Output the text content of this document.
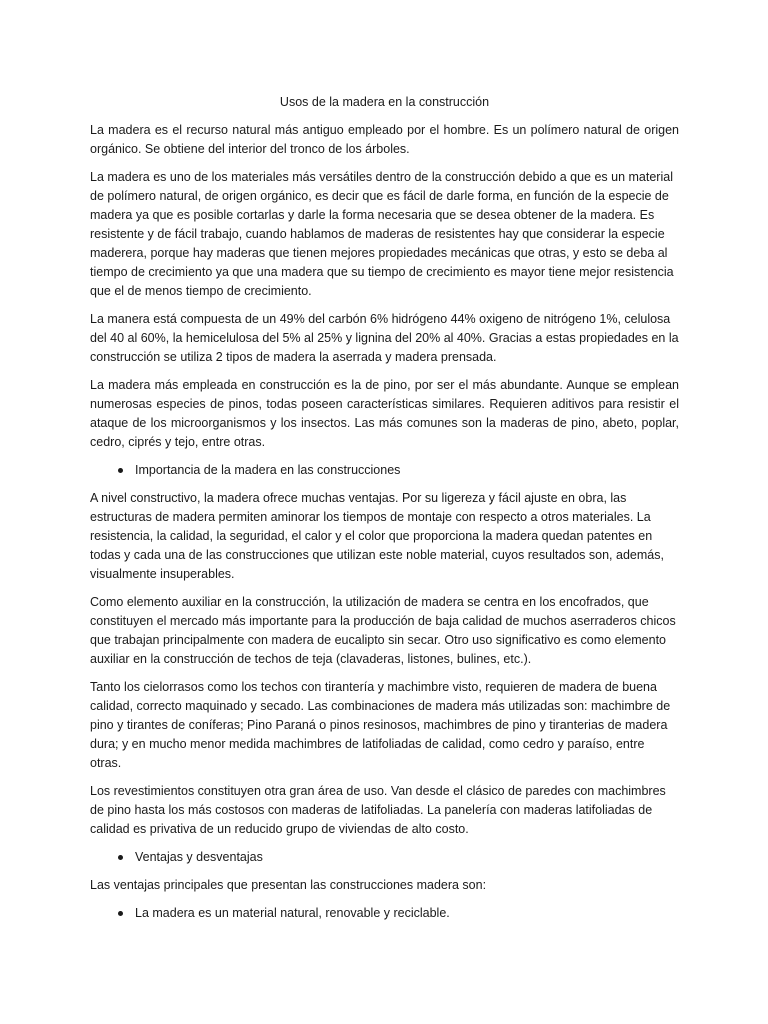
Usos de la madera en la construcción

La madera es el recurso natural más antiguo empleado por el hombre. Es un polímero natural de origen orgánico. Se obtiene del interior del tronco de los árboles.

La madera es uno de los materiales más versátiles dentro de la construcción debido a que es un material de polímero natural, de origen orgánico, es decir que es fácil de darle forma, en función de la especie de madera ya que es posible cortarlas y darle la forma necesaria que se desea obtener de la madera. Es resistente y de fácil trabajo, cuando hablamos de maderas de resistentes hay que considerar la especie maderera, porque hay maderas que tienen mejores propiedades mecánicas que otras, y esto se deba al tiempo de crecimiento ya que una madera que su tiempo de crecimiento es mayor tiene mejor resistencia que el de menos tiempo de crecimiento.

La manera está compuesta de un 49% del carbón 6% hidrógeno 44% oxigeno de nitrógeno 1%, celulosa del 40 al 60%, la hemicelulosa del 5% al 25% y lignina del 20% al 40%. Gracias a estas propiedades en la construcción se utiliza 2 tipos de madera la aserrada y madera prensada.

La madera más empleada en construcción es la de pino, por ser el más abundante. Aunque se emplean numerosas especies de pinos, todas poseen características similares. Requieren aditivos para resistir el ataque de los microorganismos y los insectos. Las más comunes son la maderas de pino, abeto, poplar, cedro, ciprés y tejo, entre otras.

Importancia de la madera en las construcciones

A nivel constructivo, la madera ofrece muchas ventajas. Por su ligereza y fácil ajuste en obra, las estructuras de madera permiten aminorar los tiempos de montaje con respecto a otros materiales. La resistencia, la calidad, la seguridad, el calor y el color que proporciona la madera quedan patentes en todas y cada una de las construcciones que utilizan este noble material, cuyos resultados son, además, visualmente insuperables.

Como elemento auxiliar en la construcción, la utilización de madera se centra en los encofrados, que constituyen el mercado más importante para la producción de baja calidad de muchos aserraderos chicos que trabajan principalmente con madera de eucalipto sin secar. Otro uso significativo es como elemento auxiliar en la construcción de techos de teja (clavaderas, listones, bulines, etc.).

Tanto los cielorrasos como los techos con tirantería y machimbre visto, requieren de madera de buena calidad, correcto maquinado y secado. Las combinaciones de madera más utilizadas son: machimbre de pino y tirantes de coníferas; Pino Paraná o pinos resinosos, machimbres de pino y tiranterias de madera dura; y en mucho menor medida machimbres de latifoliadas de calidad, como cedro y paraíso, entre otras.

Los revestimientos constituyen otra gran área de uso. Van desde el clásico de paredes con machimbres de pino hasta los más costosos con maderas de latifoliadas. La panelería con maderas latifoliadas de calidad es privativa de un reducido grupo de viviendas de alto costo.

Ventajas y desventajas

Las ventajas principales que presentan las construcciones madera son:

La madera es un material natural, renovable y reciclable.
